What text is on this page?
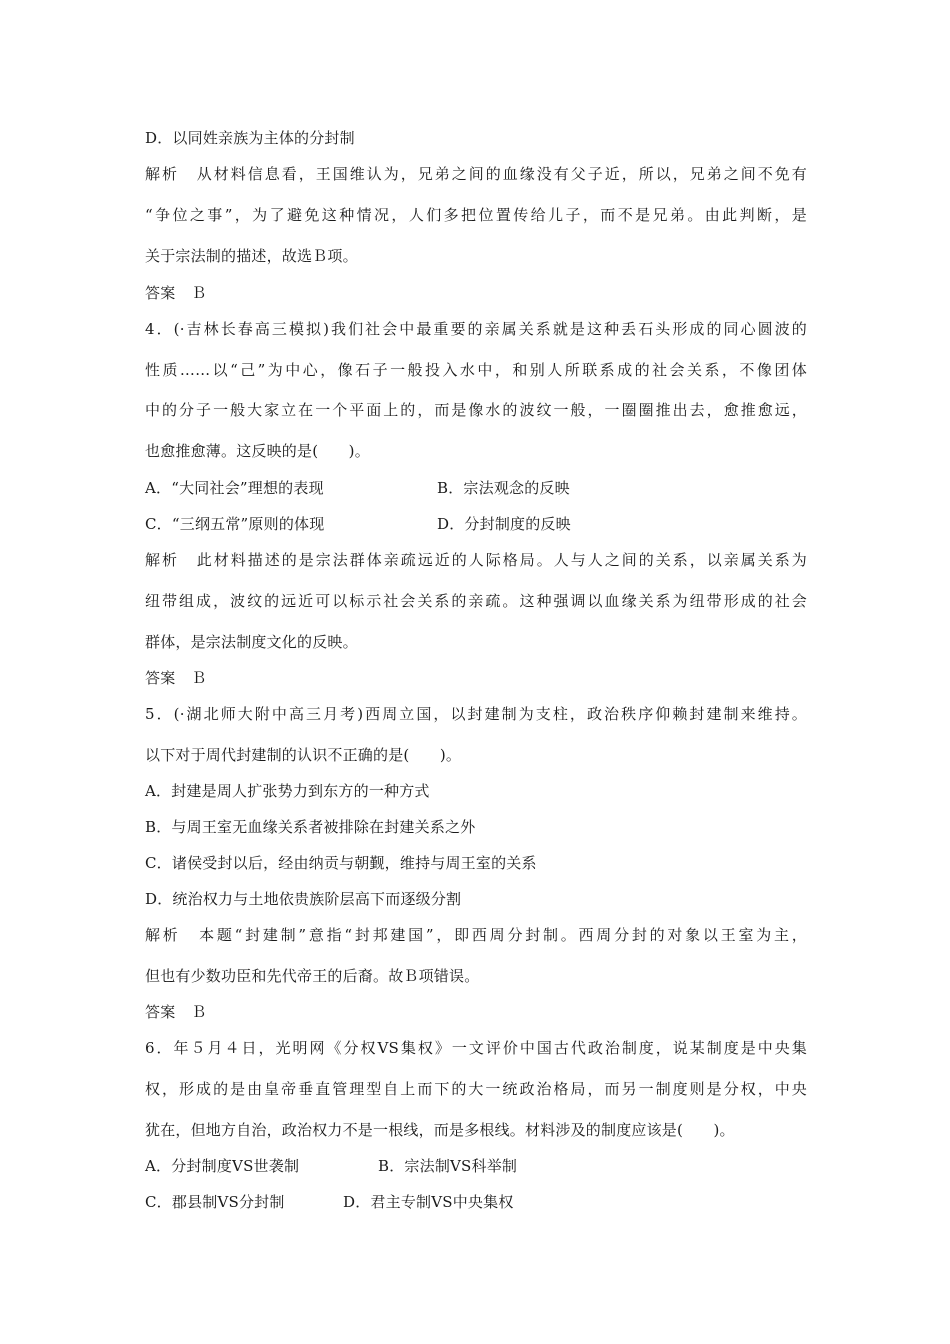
D．以同姓亲族为主体的分封制
解析 从材料信息看，王国维认为，兄弟之间的血缘没有父子近，所以，兄弟之间不免有
“争位之事”，为了避免这种情况，人们多把位置传给儿子，而不是兄弟。由此判断，是
关于宗法制的描述，故选Ｂ项。
答案 Ｂ
4．(·吉林长春高三模拟)我们社会中最重要的亲属关系就是这种丢石头形成的同心圆波的
性质……以“己”为中心，像石子一般投入水中，和别人所联系成的社会关系，不像团体
中的分子一般大家立在一个平面上的，而是像水的波纹一般，一圈圈推出去，愈推愈远，
也愈推愈薄。这反映的是(　　)。
A．“大同社会”理想的表现	B．宗法观念的反映
C．“三纲五常”原则的体现	D．分封制度的反映
解析 此材料描述的是宗法群体亲疏远近的人际格局。人与人之间的关系，以亲属关系为
纽带组成，波纹的远近可以标示社会关系的亲疏。这种强调以血缘关系为纽带形成的社会
群体，是宗法制度文化的反映。
答案 Ｂ
5．(·湖北师大附中高三月考)西周立国，以封建制为支柱，政治秩序仰赖封建制来维持。
以下对于周代封建制的认识不正确的是(　　)。
A．封建是周人扩张势力到东方的一种方式
B．与周王室无血缘关系者被排除在封建关系之外
C．诸侯受封以后，经由纳贡与朝觐，维持与周王室的关系
D．统治权力与土地依贵族阶层高下而逐级分割
解析 本题“封建制”意指“封邦建国”，即西周分封制。西周分封的对象以王室为主，
但也有少数功臣和先代帝王的后裔。故Ｂ项错误。
答案 Ｂ
6．年５月４日，光明网《分权VS集权》一文评价中国古代政治制度，说某制度是中央集
权，形成的是由皇帝垂直管理型自上而下的大一统政治格局，而另一制度则是分权，中央
犹在，但地方自治，政治权力不是一根线，而是多根线。材料涉及的制度应该是(　　)。
A．分封制度VS世袭制	B．宗法制VS科举制
C．郡县制VS分封制	D．君主专制VS中央集权
